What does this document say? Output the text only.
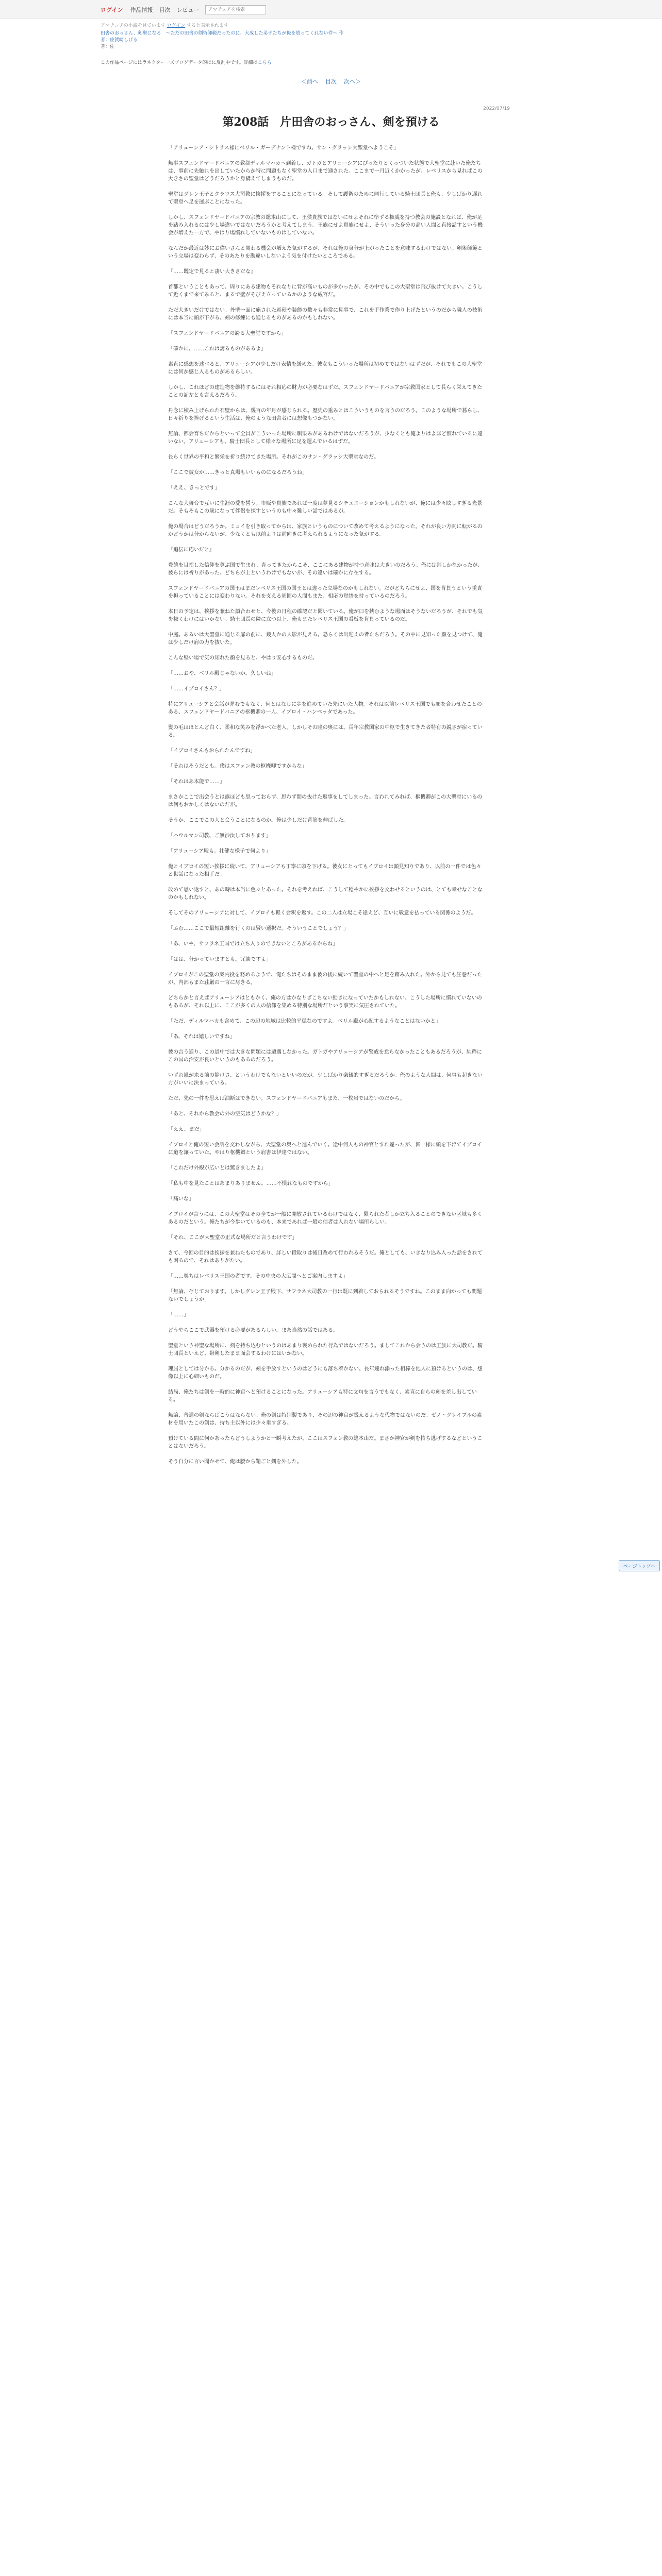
ログイン 作品情報 目次 レビュー
アマチュアを検索
アマチュアの小説を見ています ログイン すると表示されます
田舎のおっさん、剣聖になる　～ただの田舎の剣術師範だったのに、大成した弟子たちが俺を放ってくれない件～ 作者：佐賀崎しげる
著：佐
この作品ページにはラネクター一ズブログデータ的はに反乱中です。詳細はこちら
＜前へ 目次 次へ＞
2022/07/19
第208話　片田舎のおっさん、剣を預ける

「アリューシア・シトラス様にベリル・ガーデナント様ですね。サン・グラッシ大聖堂へようこそ」

無事スフェンドヤードバニアの教都ディルマハカへ到着し、ガトガとアリューシアにぴったりとくっついた状態で大聖堂に赴いた俺たちは、事前に先触れを出していたからか特に問題もなく聖堂の入口まで通された。ここまで一月近くかかったが、レベリスから見ればこの大きさの聖堂はどうだろうかと身構えてしまうものだ。

聖堂はグレン王子とクラウス大司教に挨拶をすることになっている。そして護衛のために同行している騎士団長と俺も、少しばかり遅れて聖堂へ足を運ぶことになった。

しかし、スフェンドヤードバニアの宗教の総本山にして、王侯貴族ではないにせよそれに準ずる権威を持つ教会の施設となれば、俺が足を踏み入れるには少し場違いではないだろうかと考えてしまう。王族にせよ貴族にせよ、そういった身分の高い人間と直接話すという機会が増えた一方で、やはり場慣れしていないものはしていない。

なんだか最近は妙にお偉いさんと関わる機会が増えた気がするが、それは俺の身分が上がったことを意味するわけではない。剣術師範という立場は変わらず、そのあたりを勘違いしないよう気を付けたいところである。

『……既定で見ると凄い大きさだな』

首都ということもあって、周りにある建物もそれなりに背が高いものが多かったが、その中でもこの大聖堂は飛び抜けて大きい。こうして近くまで来てみると、まるで壁がそびえ立っているかのような威容だ。

ただ大きいだけではない。外壁一面に施された彫刻や装飾の数々も非常に見事で、これを手作業で作り上げたというのだから職人の技術には本当に頭が下がる。剣の修練にも通じるものがあるのかもしれない。

「スフェンドヤードバニアの誇る大聖堂ですから」

「確かに。……これは誇るものがあるよ」

素直に感想を述べると、アリューシアが少しだけ表情を緩めた。彼女もこういった場所は初めてではないはずだが、それでもこの大聖堂には何か感じ入るものがあるらしい。

しかし、これほどの建造物を維持するにはそれ相応の財力が必要なはずだ。スフェンドヤードバニアが宗教国家として長らく栄えてきたことの証左とも言えるだろう。

丹念に積み上げられた石壁からは、幾百の年月が感じられる。歴史の重みとはこういうものを言うのだろう。このような場所で暮らし、日々祈りを捧げるという生活は、俺のような田舎者には想像もつかない。

無論、都会育ちだからといって全員がこういった場所に馴染みがあるわけではないだろうが、少なくとも俺よりはよほど慣れているに違いない。アリューシアも、騎士団長として様々な場所に足を運んでいるはずだ。

長らく世界の平和と繁栄を祈り続けてきた場所。それがこのサン・グラッシ大聖堂なのだ。

「ここで彼女か……きっと真場もいいものになるだろうね」

「ええ、きっとです」

こんな大舞台で互いに生涯の愛を誓う。市販や貴族であれば一度は夢見るシチュエーションかもしれないが、俺には少々眩しすぎる光景だ。そもそもこの歳になって伴侶を探すというのも中々難しい話ではあるが。

俺の場合はどうだろうか。ミュイを引き取ってからは、家族というものについて改めて考えるようになった。それが良い方向に転がるのかどうかは分からないが、少なくとも以前よりは前向きに考えられるようになった気がする。

『追伝に応いだと』

豊饒を目指した信仰を尊ぶ国で生まれ、育ってきたからこそ、ここにある建物が持つ意味は大きいのだろう。俺には剣しかなかったが、彼らには祈りがあった。どちらが上というわけでもないが、その違いは確かに存在する。

スフェンドヤードバニアの国王はまだレベリス王国の国王とは違った立場なのかもしれない。だがどちらにせよ、国を背負うという重責を担っていることには変わりない。それを支える周囲の人間もまた、相応の覚悟を持っているのだろう。

本日の予定は、挨拶を兼ねた顔合わせと、今後の日程の確認だと聞いている。俺が口を挟むような場面はそうないだろうが、それでも気を抜くわけにはいかない。騎士団長の隣に立つ以上、俺もまたレベリス王国の看板を背負っているのだ。

中庭。あるいは大聖堂に通じる扉の前に、幾人かの人影が見える。恐らくは出迎えの者たちだろう。その中に見知った顔を見つけて、俺は少しだけ肩の力を抜いた。

こんな堅い場で気の知れた顔を見ると、やはり安心するものだ。

「……おや、ベリル殿じゃないか。久しいね」

「……イブロイさん？」

特にアリューシアと会話が弾むでもなく、何とはなしに歩を進めていた先にいた人物。それは以前レベリス王国でも顔を合わせたことのある、スフェンドヤードバニアの枢機卿の一人、イブロイ・ハンベッタであった。

髪の毛はほとんど白く、柔和な笑みを浮かべた老人。しかしその瞳の奥には、長年宗教国家の中枢で生きてきた者特有の鋭さが宿っている。

「イブロイさんもおられたんですね」

「それはそうだとも。僕はスフェン教の枢機卿ですからな」

「それはあ本能で……」

まさかここで出会うとは露ほども思っておらず、思わず間の抜けた返事をしてしまった。言われてみれば、枢機卿がこの大聖堂にいるのは何もおかしくはないのだが。

そうか、ここでこの人と会うことになるのか。俺は少しだけ背筋を伸ばした。

「ハウルマン司教、ご無沙汰しております」

「アリューシア殿も。壮健な様子で何より」

俺とイブロイの短い挨拶に続いて、アリューシアも丁寧に頭を下げる。彼女にとってもイブロイは顔見知りであり、以前の一件では色々と世話になった相手だ。

改めて思い返すと、あの時は本当に色々とあった。それを考えれば、こうして穏やかに挨拶を交わせるというのは、とても幸せなことなのかもしれない。

そしてそのアリューシアに対して、イブロイも軽く会釈を返す。この二人は立場こそ違えど、互いに敬意を払っている関係のようだ。

「ふむ……ここで最短距離を行くのは賢い選択だ。そういうことでしょう？」

「あ、いや、サフラネ王国では立ち入りのできないところがあるからね」

「はは、分かっていますとも。冗談ですよ」

イブロイがこの聖堂の案内役を務めるようで、俺たちはそのまま彼の後に続いて聖堂の中へと足を踏み入れた。外から見ても圧巻だったが、内部もまた荘厳の一言に尽きる。

どちらかと言えばアリューシアはともかく、俺の方はかなりぎこちない動きになっていたかもしれない。こうした場所に慣れていないのもあるが、それ以上に、ここが多くの人の信仰を集める特別な場所だという事実に気圧されていた。

「ただ、ディルマハカも含めて、この辺の地域は比較的平穏なのですよ。ベリル殿が心配するようなことはないかと」

「あ、それは嬉しいですね」

彼の言う通り、この道中では大きな問題には遭遇しなかった。ガトガやアリューシアが警戒を怠らなかったこともあるだろうが、純粋にこの国の治安が良いというのもあるのだろう。

いずれ嵐が来る前の静けさ、というわけでもないといいのだが。少しばかり楽観的すぎるだろうか。俺のような人間は、何事も起きない方がいいに決まっている。

ただ、先の一件を思えば油断はできない。スフェンドヤードバニアもまた、一枚岩ではないのだから。

「あと、それから教会の外の空気はどうかな？」

「ええ、まだ」

イブロイと俺の短い会話を交わしながら、大聖堂の奥へと進んでいく。途中何人もの神官とすれ違ったが、皆一様に頭を下げてイブロイに道を譲っていた。やはり枢機卿という肩書は伊達ではない。

「これだけ外観が広いとは驚きましたよ」

「私も中を見たことはあまりありません。……不慣れなものですから」

「痛いな」

イブロイが言うには、この大聖堂はその全てが一般に開放されているわけではなく、限られた者しか立ち入ることのできない区域も多くあるのだという。俺たちが今歩いているのも、本来であれば一般の信者は入れない場所らしい。

「それ、ここが大聖堂の正式な場所だと言うわけです」

さて、今回の目的は挨拶を兼ねたものであり、詳しい段取りは後日改めて行われるそうだ。俺としても、いきなり込み入った話をされても困るので、それはありがたい。

「……奥ちはレベリス王国の者です。その中央の大広間へとご案内しますよ」

「無論、存じております。しかしグレン王子殿下、サフラネ大司教の一行は既に到着しておられるそうですね。このまま向かっても問題ないでしょうか」

「……」

どうやらここで武器を預ける必要があるらしい。まあ当然の話ではある。

聖堂という神聖な場所に、剣を持ち込むというのはあまり褒められた行為ではないだろう。ましてこれから会うのは王族に大司教だ。騎士団長といえど、帯剣したまま面会するわけにはいかない。

理屈としては分かる。分かるのだが、剣を手放すというのはどうにも落ち着かない。長年連れ添った相棒を他人に預けるというのは、想像以上に心細いものだ。

結局、俺たちは剣を一時的に神官へと預けることになった。アリューシアも特に文句を言うでもなく、素直に自らの剣を差し出している。

無論、普通の剣ならばこうはならない。俺の剣は特別製であり、その辺の神官が扱えるような代物ではないのだ。ゼノ・グレイブルの素材を用いたこの剣は、持ち主以外には少々重すぎる。

預けている間に何かあったらどうしようかと一瞬考えたが、ここはスフェン教の総本山だ。まさか神官が剣を持ち逃げするなどということはないだろう。

そう自分に言い聞かせて、俺は腰から鞘ごと剣を外した。

ページトップへ
